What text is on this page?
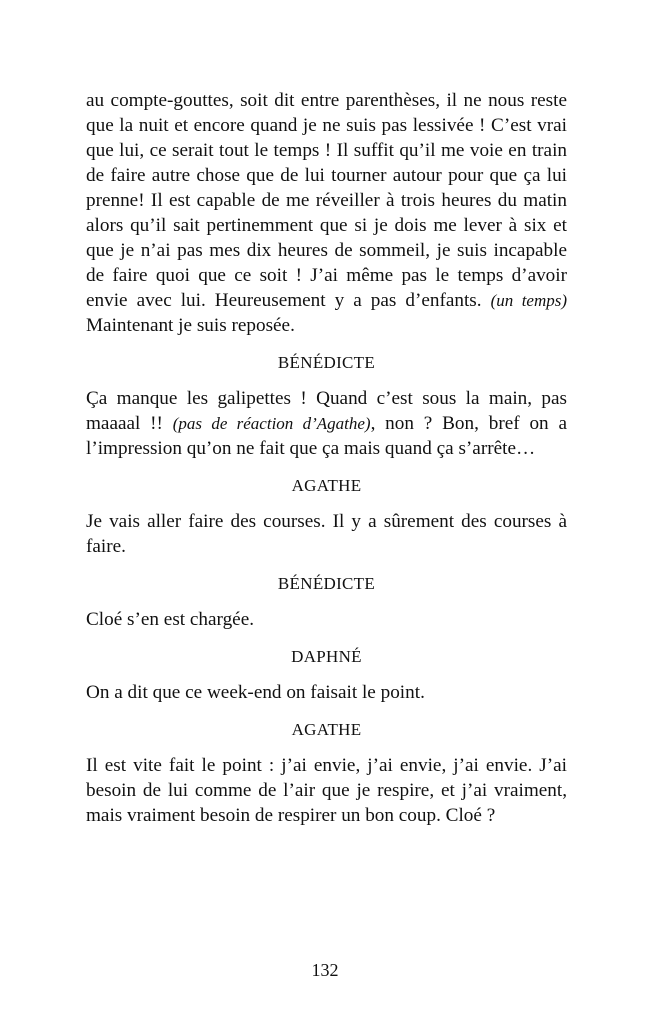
au compte-gouttes, soit dit entre parenthèses, il ne nous reste que la nuit et encore quand je ne suis pas lessivée ! C’est vrai que lui, ce serait tout le temps ! Il suffit qu’il me voie en train de faire autre chose que de lui tourner autour pour que ça lui prenne! Il est capable de me réveiller à trois heures du matin alors qu’il sait pertinemment que si je dois me lever à six et que je n’ai pas mes dix heures de sommeil, je suis incapable de faire quoi que ce soit ! J’ai même pas le temps d’avoir envie avec lui. Heureusement y a pas d’enfants. (un temps) Maintenant je suis reposée.

BÉNÉDICTE

Ça manque les galipettes ! Quand c’est sous la main, pas maaaal !! (pas de réaction d’Agathe), non ? Bon, bref on a l’impression qu’on ne fait que ça mais quand ça s’arrête…

AGATHE

Je vais aller faire des courses. Il y a sûrement des courses à faire.

BÉNÉDICTE

Cloé s’en est chargée.

DAPHNÉ

On a dit que ce week-end on faisait le point.

AGATHE

Il est vite fait le point : j’ai envie, j’ai envie, j’ai envie. J’ai besoin de lui comme de l’air que je respire, et j’ai vraiment, mais vraiment besoin de respirer un bon coup. Cloé ?

132
